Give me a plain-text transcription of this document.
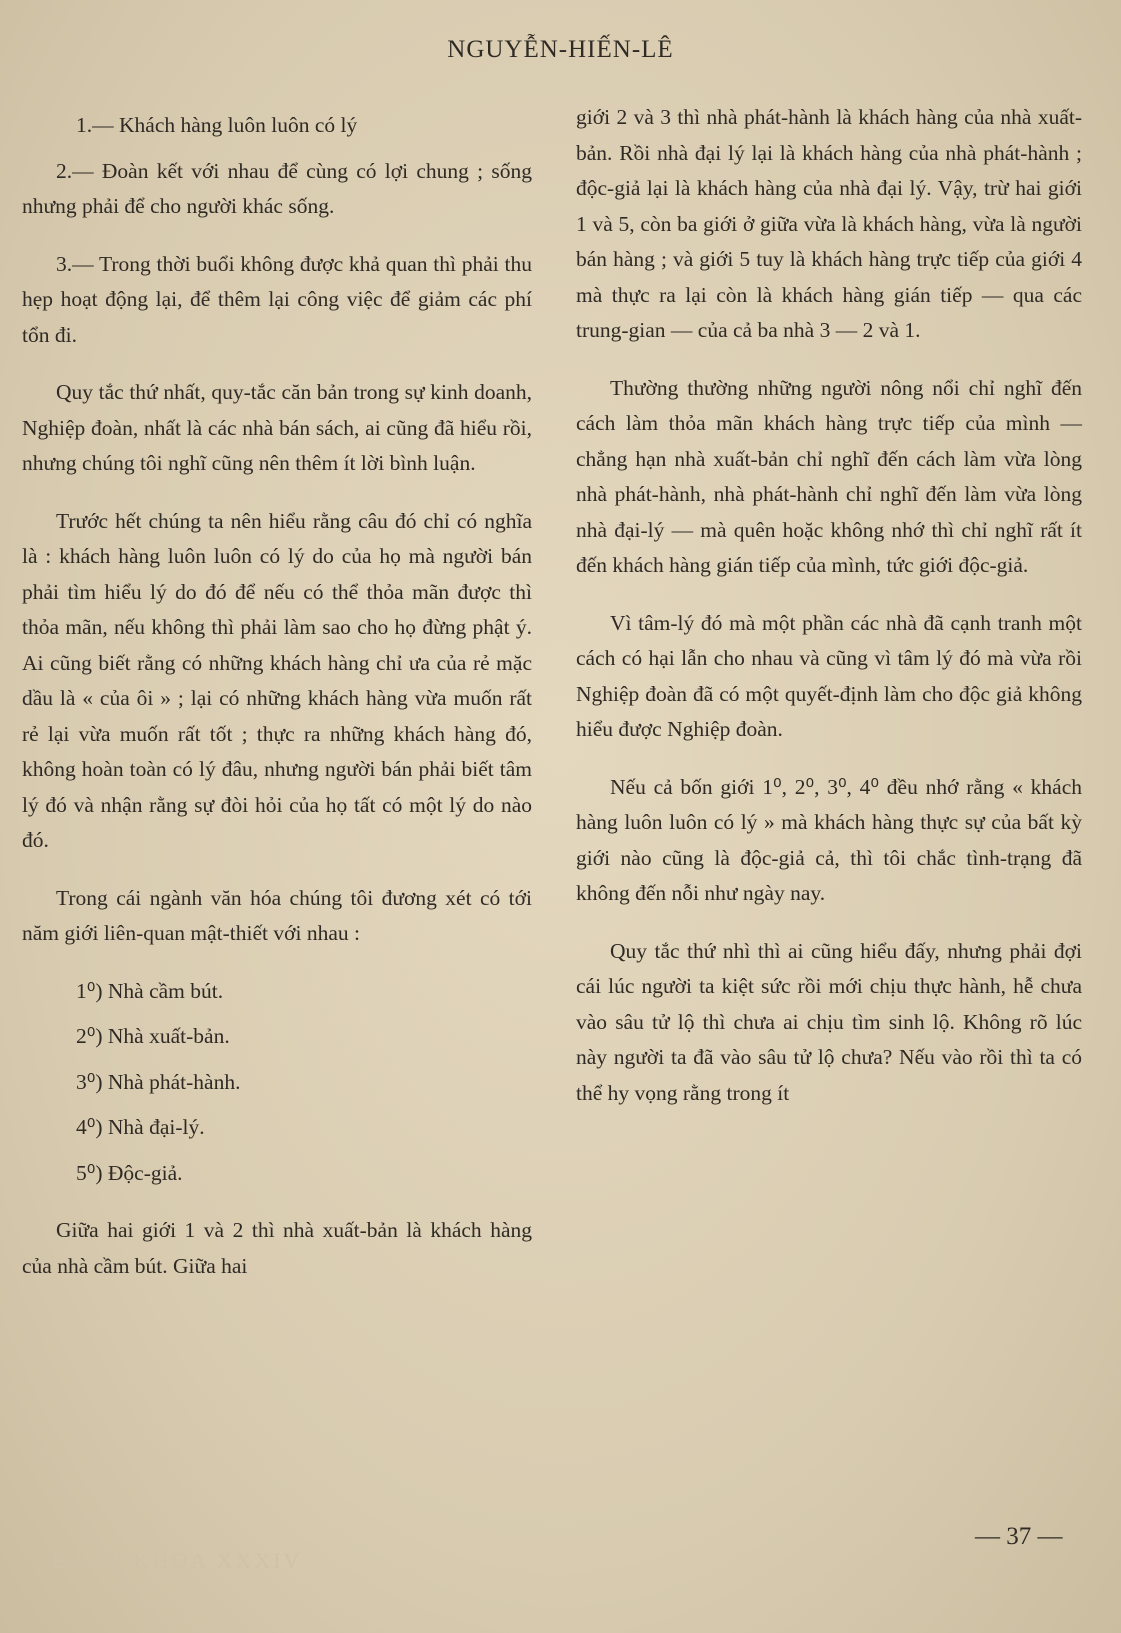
NGUYỄN-HIẾN-LÊ

1.— Khách hàng luôn luôn có lý

2.— Đoàn kết với nhau để cùng có lợi chung ; sống nhưng phải để cho người khác sống.

3.— Trong thời buổi không được khả quan thì phải thu hẹp hoạt động lại, để thêm lại công việc để giảm các phí tổn đi.

Quy tắc thứ nhất, quy-tắc căn bản trong sự kinh doanh, Nghiệp đoàn, nhất là các nhà bán sách, ai cũng đã hiểu rồi, nhưng chúng tôi nghĩ cũng nên thêm ít lời bình luận.

Trước hết chúng ta nên hiểu rằng câu đó chỉ có nghĩa là : khách hàng luôn luôn có lý do của họ mà người bán phải tìm hiểu lý do đó để nếu có thể thỏa mãn được thì thỏa mãn, nếu không thì phải làm sao cho họ đừng phật ý. Ai cũng biết rằng có những khách hàng chỉ ưa của rẻ mặc dầu là « của ôi » ; lại có những khách hàng vừa muốn rất rẻ lại vừa muốn rất tốt ; thực ra những khách hàng đó, không hoàn toàn có lý đâu, nhưng người bán phải biết tâm lý đó và nhận rằng sự đòi hỏi của họ tất có một lý do nào đó.

Trong cái ngành văn hóa chúng tôi đương xét có tới năm giới liên-quan mật-thiết với nhau :

1⁰) Nhà cầm bút.

2⁰) Nhà xuất-bản.

3⁰) Nhà phát-hành.

4⁰) Nhà đại-lý.

5⁰) Độc-giả.

Giữa hai giới 1 và 2 thì nhà xuất-bản là khách hàng của nhà cầm bút. Giữa hai

giới 2 và 3 thì nhà phát-hành là khách hàng của nhà xuất-bản. Rồi nhà đại lý lại là khách hàng của nhà phát-hành ; độc-giả lại là khách hàng của nhà đại lý. Vậy, trừ hai giới 1 và 5, còn ba giới ở giữa vừa là khách hàng, vừa là người bán hàng ; và giới 5 tuy là khách hàng trực tiếp của giới 4 mà thực ra lại còn là khách hàng gián tiếp — qua các trung-gian — của cả ba nhà 3 — 2 và 1.

Thường thường những người nông nổi chỉ nghĩ đến cách làm thỏa mãn khách hàng trực tiếp của mình — chẳng hạn nhà xuất-bản chỉ nghĩ đến cách làm vừa lòng nhà phát-hành, nhà phát-hành chỉ nghĩ đến làm vừa lòng nhà đại-lý — mà quên hoặc không nhớ thì chỉ nghĩ rất ít đến khách hàng gián tiếp của mình, tức giới độc-giả.

Vì tâm-lý đó mà một phần các nhà đã cạnh tranh một cách có hại lẫn cho nhau và cũng vì tâm lý đó mà vừa rồi Nghiệp đoàn đã có một quyết-định làm cho độc giả không hiểu được Nghiệp đoàn.

Nếu cả bốn giới 1⁰, 2⁰, 3⁰, 4⁰ đều nhớ rằng « khách hàng luôn luôn có lý » mà khách hàng thực sự của bất kỳ giới nào cũng là độc-giả cả, thì tôi chắc tình-trạng đã không đến nỗi như ngày nay.

Quy tắc thứ nhì thì ai cũng hiểu đấy, nhưng phải đợi cái lúc người ta kiệt sức rồi mới chịu thực hành, hễ chưa vào sâu tử lộ thì chưa ai chịu tìm sinh lộ. Không rõ lúc này người ta đã vào sâu tử lộ chưa? Nếu vào rồi thì ta có thể hy vọng rằng trong ít

— 37 —
BÁCH KHOA XXXIV
